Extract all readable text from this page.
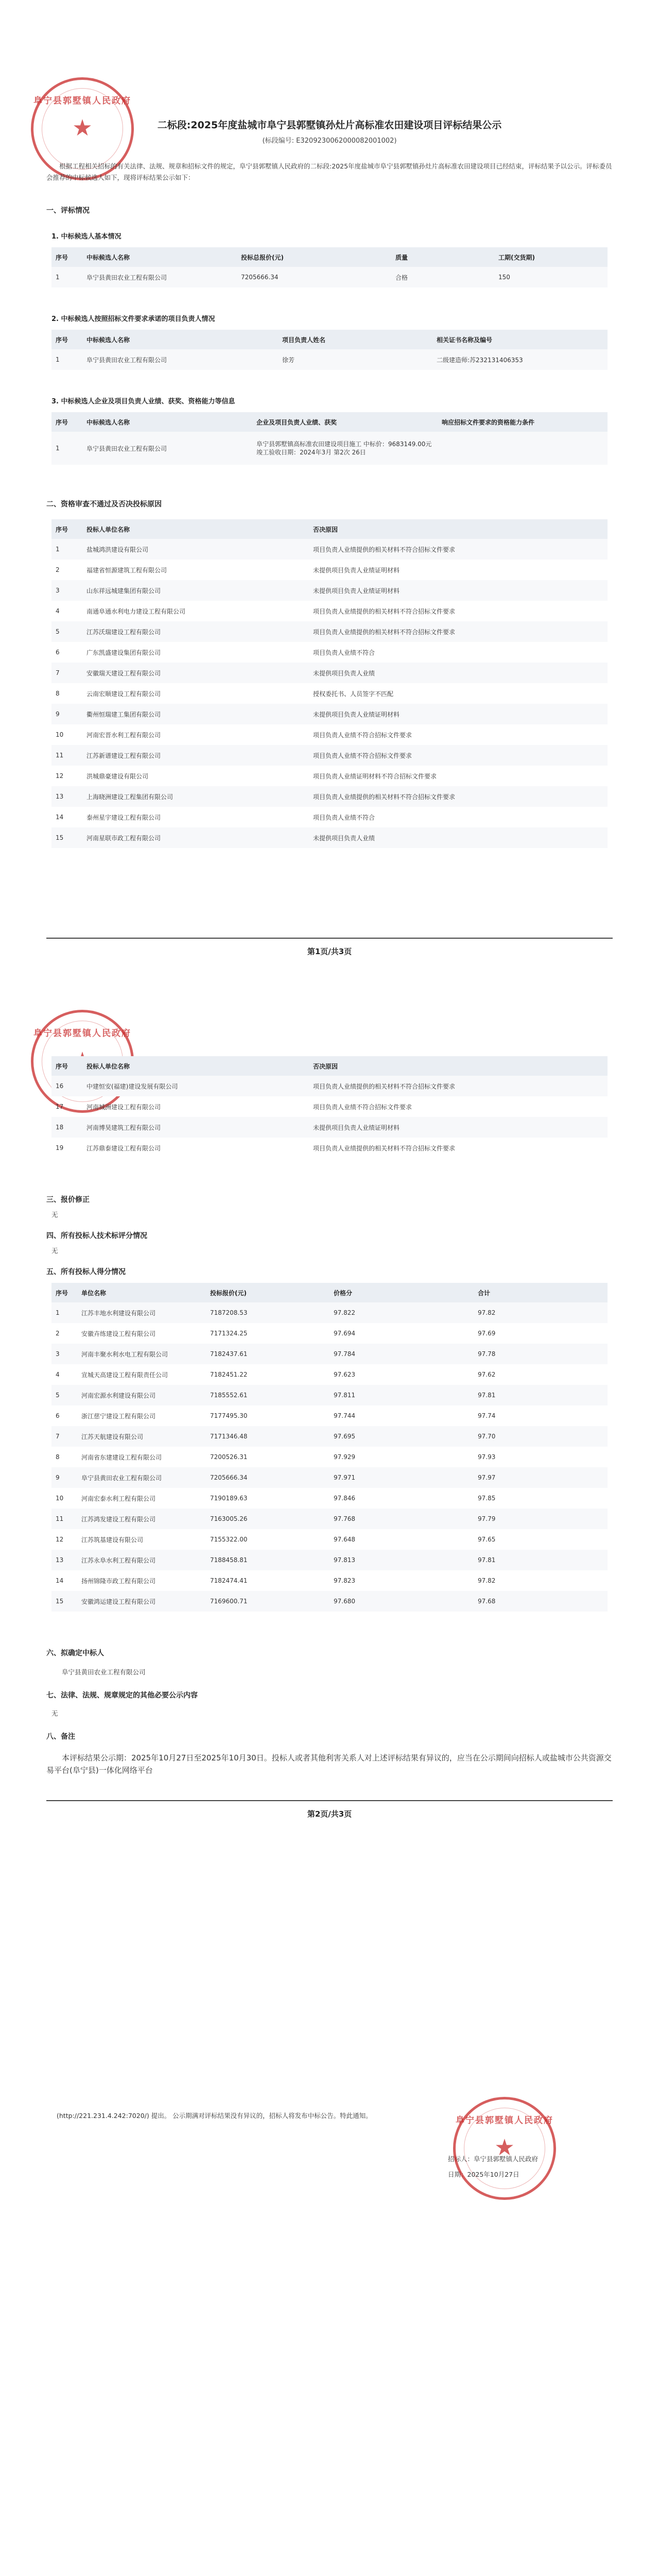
阜宁县郭墅镇人民政府
★	二标段:2025年度盐城市阜宁县郭墅镇孙灶片高标准农田建设项目评标结果公示
(标段编号: E3209230062000082001002)
根据工程相关招标的有关法律、法规、规章和招标文件的规定，阜宁县郭墅镇人民政府的二标段:2025年度盐城市阜宁县郭墅镇孙灶片高标准农田建设项目已经结束，评标结果予以公示。评标委员会推荐的中标候选人如下，现将评标结果公示如下：
一、评标情况
1. 中标候选人基本情况
序号	中标候选人名称	投标总报价(元)	质量	工期(交货期)
1	阜宁县黄田农业工程有限公司	7205666.34	合格	150
2. 中标候选人按照招标文件要求承诺的项目负责人情况
序号	中标候选人名称	项目负责人姓名	相关证书名称及编号
1	阜宁县黄田农业工程有限公司	徐芳	二级建造师:苏232131406353
3. 中标候选人企业及项目负责人业绩、获奖、资格能力等信息
序号	中标候选人名称	企业及项目负责人业绩、获奖	响应招标文件要求的资格能力条件
1	阜宁县黄田农业工程有限公司	阜宁县郭墅镇高标准农田建设项目施工 中标价：9683149.00元 竣工验收日期：2024年3月 第2次 26日	
二、资格审查不通过及否决投标原因
序号	投标人单位名称	否决原因
1	盐城鸿洪建设有限公司	项目负责人业绩提供的相关材料不符合招标文件要求
2	福建省恒源建筑工程有限公司	未提供项目负责人业绩证明材料
3	山东祥远城建集团有限公司	未提供项目负责人业绩证明材料
4	南通阜通水利电力建设工程有限公司	项目负责人业绩提供的相关材料不符合招标文件要求
5	江苏沃瑞建设工程有限公司	项目负责人业绩提供的相关材料不符合招标文件要求
6	广东凯盛建设集团有限公司	项目负责人业绩不符合
7	安徽瑞天建设工程有限公司	未提供项目负责人业绩
8	云南宏顺建设工程有限公司	授权委托书、人员签字不匹配
9	衢州恒瑞建工集团有限公司	未提供项目负责人业绩证明材料
10	河南宏晋水利工程有限公司	项目负责人业绩不符合招标文件要求
11	江苏新谱建设工程有限公司	项目负责人业绩不符合招标文件要求
12	洪城鼎豪建设有限公司	项目负责人业绩证明材料不符合招标文件要求
13	上海晓洲建设工程集团有限公司	项目负责人业绩提供的相关材料不符合招标文件要求
14	泰州星宇建设工程有限公司	项目负责人业绩不符合
15	河南星联市政工程有限公司	未提供项目负责人业绩
第1页/共3页
阜宁县郭墅镇人民政府
序号	投标人单位名称	否决原因
16	中建恒安(福建)建设发展有限公司	项目负责人业绩提供的相关材料不符合招标文件要求
17	河南城洲建设工程有限公司	项目负责人业绩不符合招标文件要求
18	河南博昊建筑工程有限公司	未提供项目负责人业绩证明材料
19	江苏鼎泰建设工程有限公司	项目负责人业绩提供的相关材料不符合招标文件要求
三、报价修正
无
四、所有投标人技术标评分情况
无
五、所有投标人得分情况
序号	单位名称	投标报价(元)	价格分	合计
1	江苏丰地水利建设有限公司	7187208.53	97.822	97.82
2	安徽卉练建设工程有限公司	7171324.25	97.694	97.69
3	河南丰聚水利水电工程有限公司	7182437.61	97.784	97.78
4	宣城天高建设工程有限责任公司	7182451.22	97.623	97.62
5	河南宏源水利建设有限公司	7185552.61	97.811	97.81
6	浙江慈宁建设工程有限公司	7177495.30	97.744	97.74
7	江苏天航建设有限公司	7171346.48	97.695	97.70
8	河南省东建建设工程有限公司	7200526.31	97.929	97.93
9	阜宁县黄田农业工程有限公司	7205666.34	97.971	97.97
10	河南宏泰水利工程有限公司	7190189.63	97.846	97.85
11	江苏鸿发建设工程有限公司	7163005.26	97.768	97.79
12	江苏筑基建设有限公司	7155322.00	97.648	97.65
13	江苏永阜水利工程有限公司	7188458.81	97.813	97.81
14	扬州锦隆市政工程有限公司	7182474.41	97.823	97.82
15	安徽鸿运建设工程有限公司	7169600.71	97.680	97.68
六、拟确定中标人
阜宁县黄田农业工程有限公司
七、法律、法规、规章规定的其他必要公示内容
无
八、备注
本评标结果公示期：2025年10月27日至2025年10月30日。投标人或者其他利害关系人对上述评标结果有异议的，应当在公示期间向招标人或盐城市公共资源交易平台(阜宁县)一体化网络平台
第2页/共3页
(http://221.231.4.242:7020/) 提出。 公示期满对评标结果没有异议的，招标人将发布中标公告。特此通知。
招标人：阜宁县郭墅镇人民政府
日期：2025年10月27日
阜宁县郭墅镇人民政府
★
